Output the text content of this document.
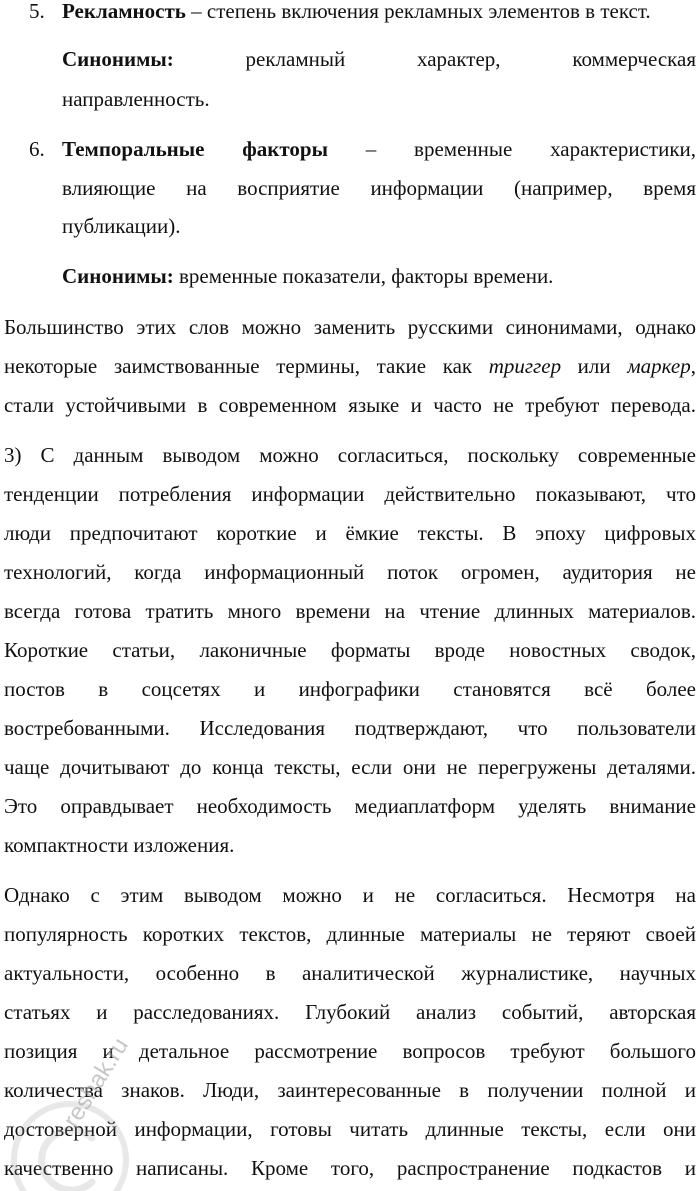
5. Рекламность – степень включения рекламных элементов в текст.
Синонимы:	рекламный	характер,	коммерческая
направленность.
6. Темпоральные факторы – временные характеристики,
влияющие на восприятие информации (например, время
публикации).
Синонимы: временные показатели, факторы времени.
Большинство этих слов можно заменить русскими синонимами, однако
некоторые заимствованные термины, такие как триггер или маркер,
стали устойчивыми в современном языке и часто не требуют перевода.
3) С данным выводом можно согласиться, поскольку современные
тенденции потребления информации действительно показывают, что
люди предпочитают короткие и ёмкие тексты. В эпоху цифровых
технологий, когда информационный поток огромен, аудитория не
всегда готова тратить много времени на чтение длинных материалов.
Короткие статьи, лаконичные форматы вроде новостных сводок,
постов в соцсетях и инфографики становятся всё более
востребованными. Исследования подтверждают, что пользователи
чаще дочитывают до конца тексты, если они не перегружены деталями.
Это оправдывает необходимость медиаплатформ уделять внимание
компактности изложения.
Однако с этим выводом можно и не согласиться. Несмотря на
популярность коротких текстов, длинные материалы не теряют своей
актуальности, особенно в аналитической журналистике, научных
статьях и расследованиях. Глубокий анализ событий, авторская
позиция и детальное рассмотрение вопросов требуют большого
количества знаков. Люди, заинтересованные в получении полной и
достоверной информации, готовы читать длинные тексты, если они
качественно написаны. Кроме того, распространение подкастов и
reshak.ru
